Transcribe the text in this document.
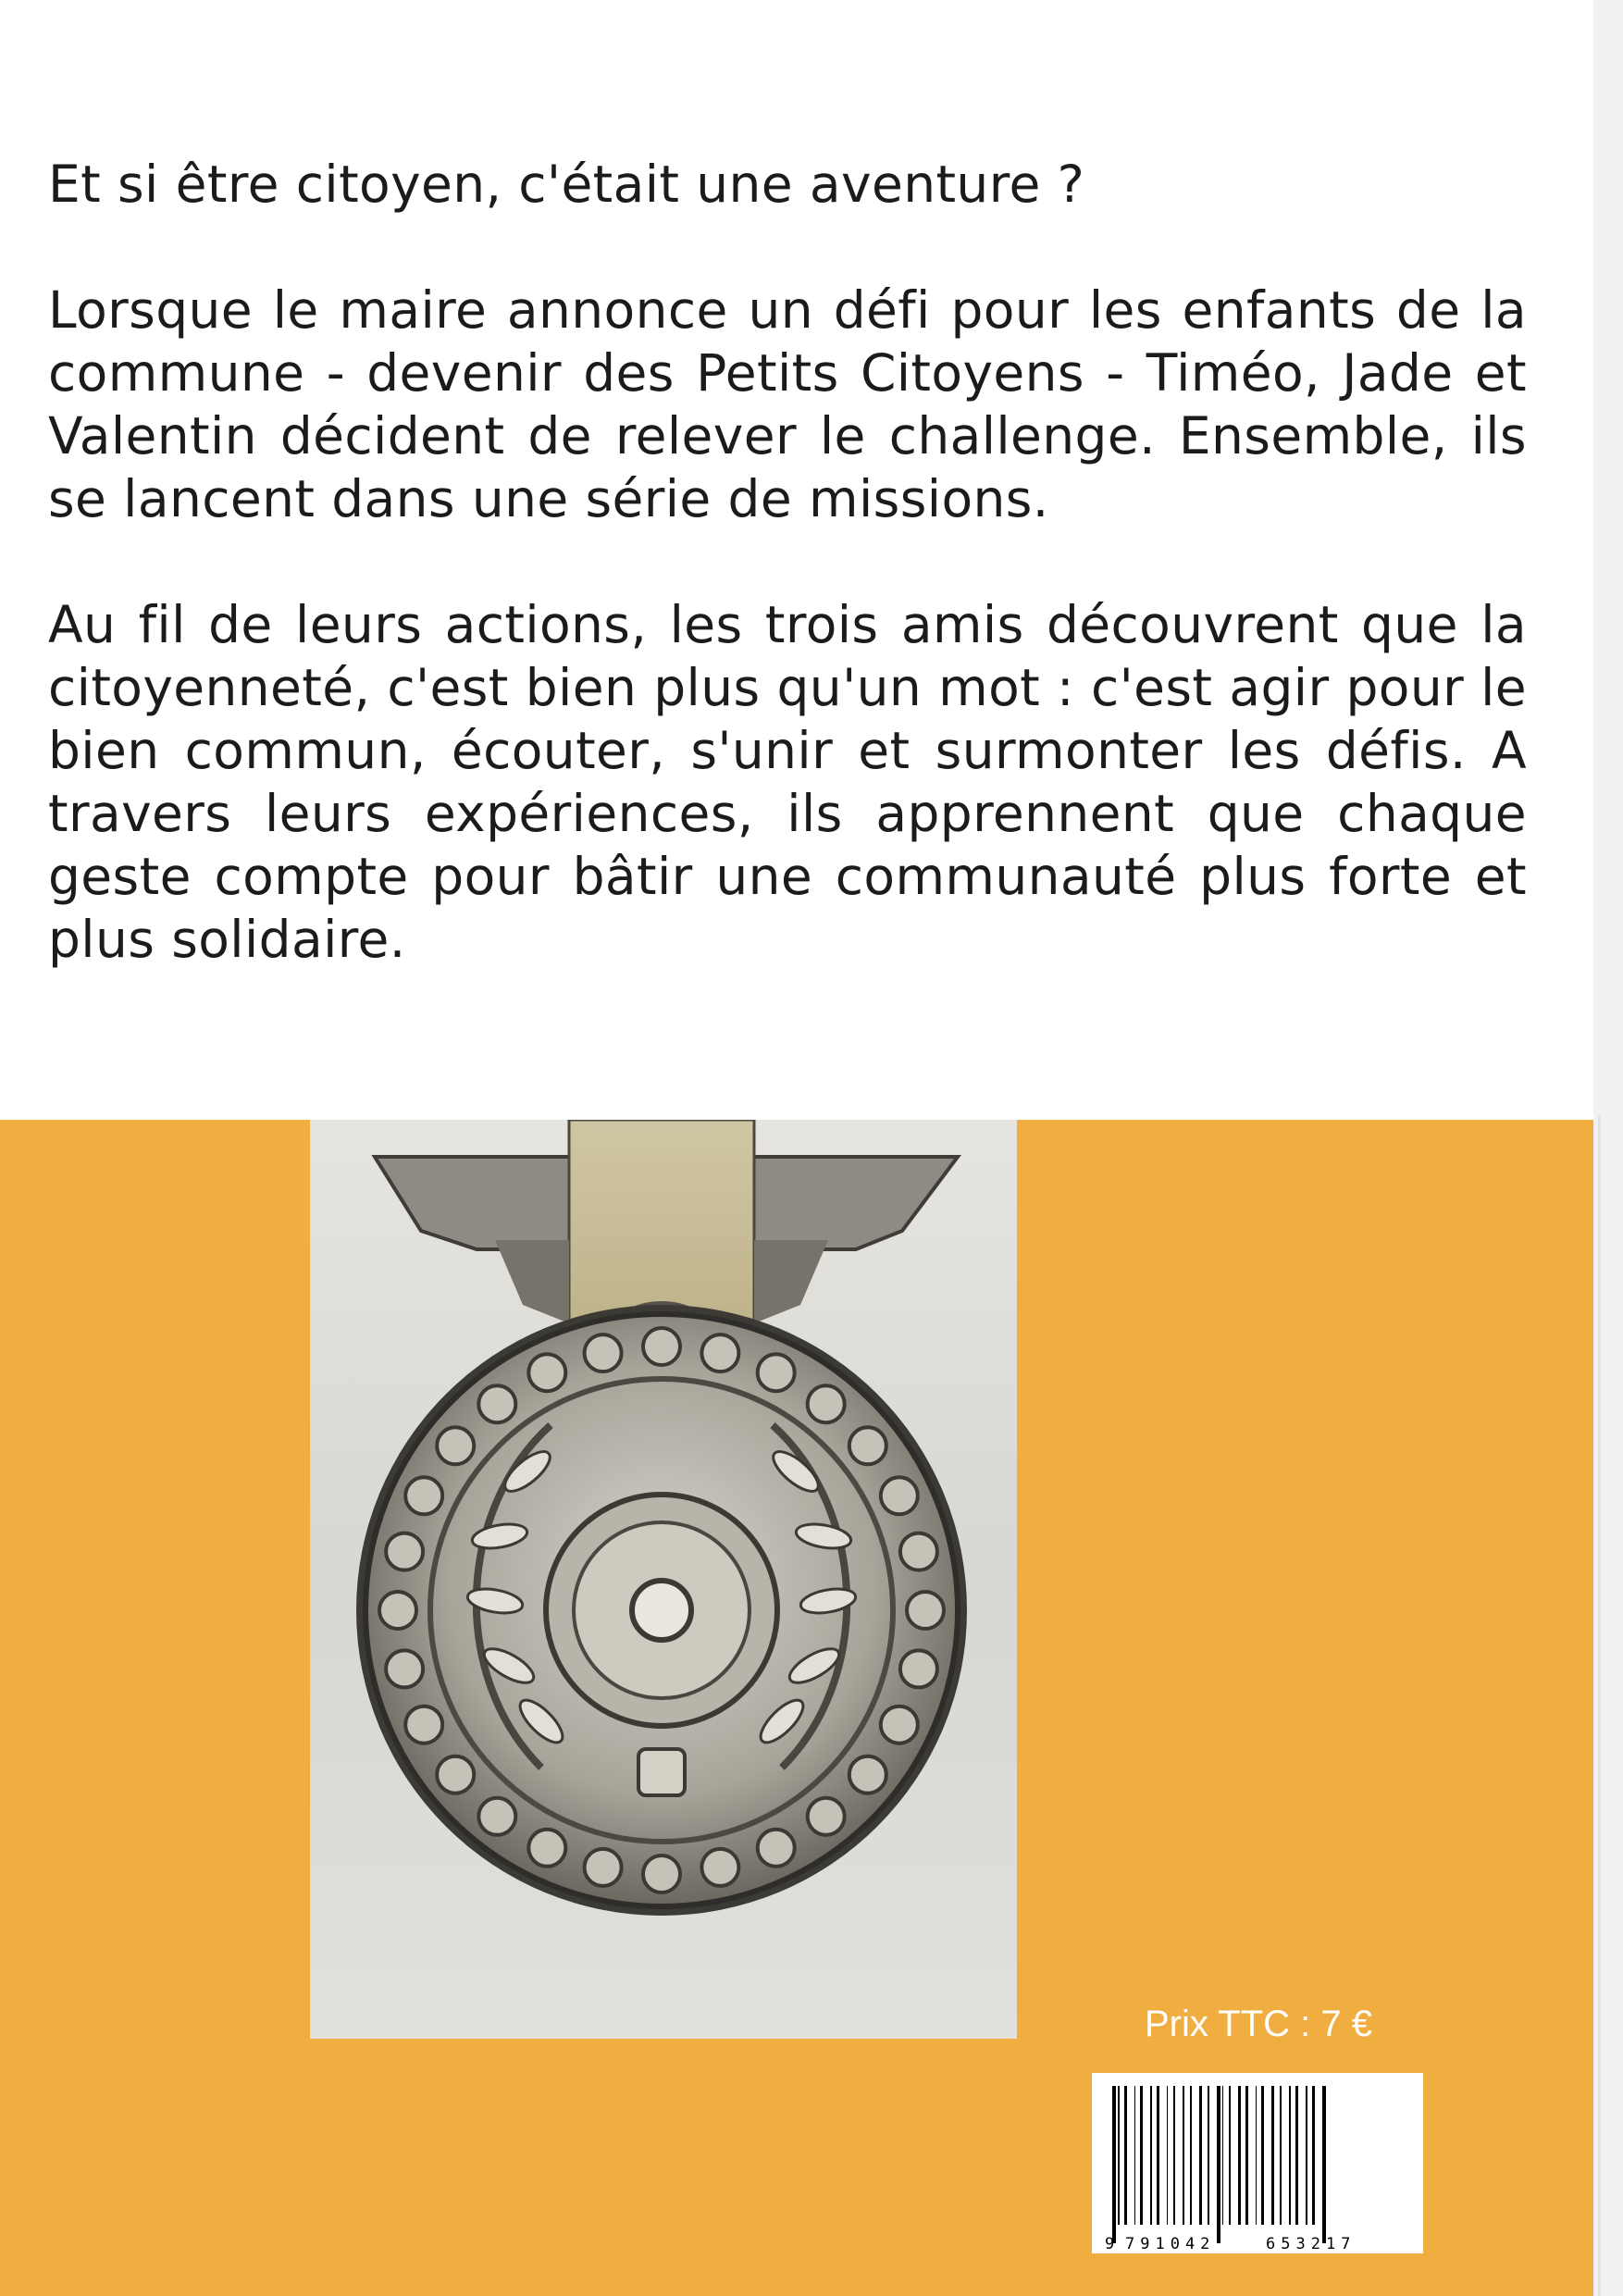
Et si être citoyen, c'était une aventure ?

Lorsque le maire annonce un défi pour les enfants de la commune - devenir des Petits Citoyens - Timéo, Jade et Valentin décident de relever le challenge. Ensemble, ils se lancent dans une série de missions.

Au fil de leurs actions, les trois amis découvrent que la citoyenneté, c'est bien plus qu'un mot : c'est agir pour le bien commun, écouter, s'unir et surmonter les défis. A travers leurs expériences, ils apprennent que chaque geste compte pour bâtir une communauté plus forte et plus solidaire.

Prix TTC : 7 €
9 791042	653217
